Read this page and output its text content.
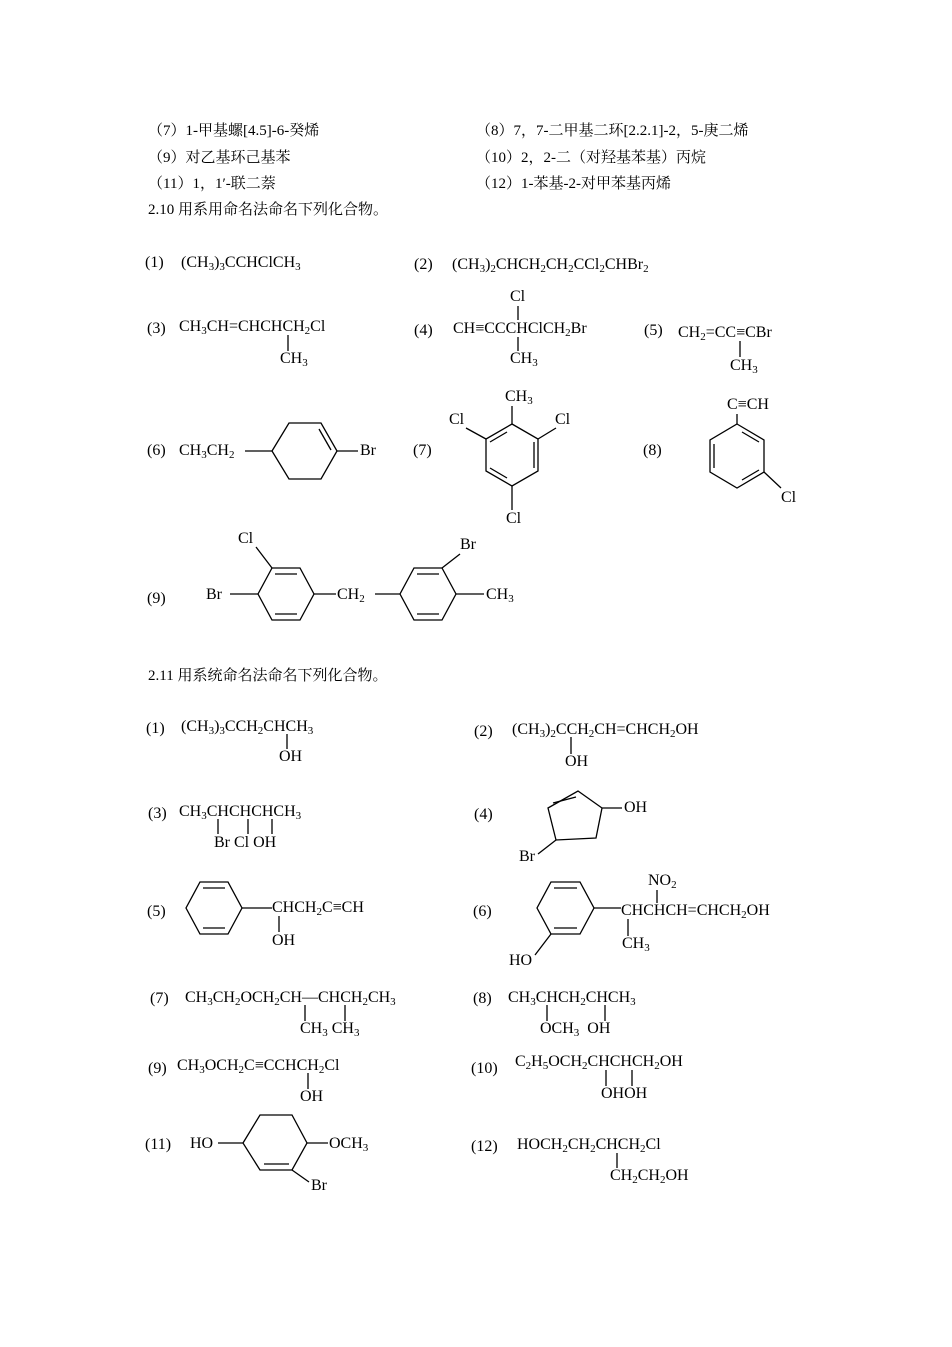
（7）1-甲基螺[4.5]-6-癸烯	（8）7，7-二甲基二环[2.2.1]-2，5-庚二烯
（9）对乙基环己基苯	（10）2，2-二（对羟基苯基）丙烷
（11）1，1′-联二萘	（12）1-苯基-2-对甲苯基丙烯
2.10 用系用命名法命名下列化合物。
(1)	(2)
(3)	(4)	(5)
(6)	(7)	(8)
(9)
2.11 用系统命名法命名下列化合物。
(1)	(2)
(3)	(4)
(5)	(6)
(7)	(8)
(9)	(10)
(11)	(12)
$(CH_3)_3CCHClCH_3$	$(CH_3)_2CHCH_2CH_2CCl_2CHBr_2$
$CH_3CH=CHCHCH_2Cl$
$CH_3$
Cl
CH≡CCCHClCH$_2$Br
$CH_3$
$CH_2=CC\equiv CBr$
$CH_3$
$CH_3CH_2$	Br
$CH_3$
Cl	Cl
Cl
C≡CH
Cl
Cl
Br	$CH_2$
Br
$CH_3$
$(CH_3)_3CCH_2CHCH_3$
OH
$(CH_3)_2CCH_2CH=CHCH_2OH$
OH
$CH_3CHCHCHCH_3$
Br Cl OH
OH
Br
$CHCH_2C\equiv CH$
OH
$NO_2$
$CHCHCH=CHCH_2OH$
$CH_3$
HO
$CH_3CH_2OCH_2CH—CHCH_2CH_3$
$CH_3$ $CH_3$
$CH_3CHCH_2CHCH_3$
$OCH_3$  OH
$CH_3OCH_2C\equiv CCHCH_2Cl$
OH
$C_2H_5OCH_2CHCHCH_2OH$
OHOH
HO	$OCH_3$
Br
$HOCH_2CH_2CHCH_2Cl$
$CH_2CH_2OH$
